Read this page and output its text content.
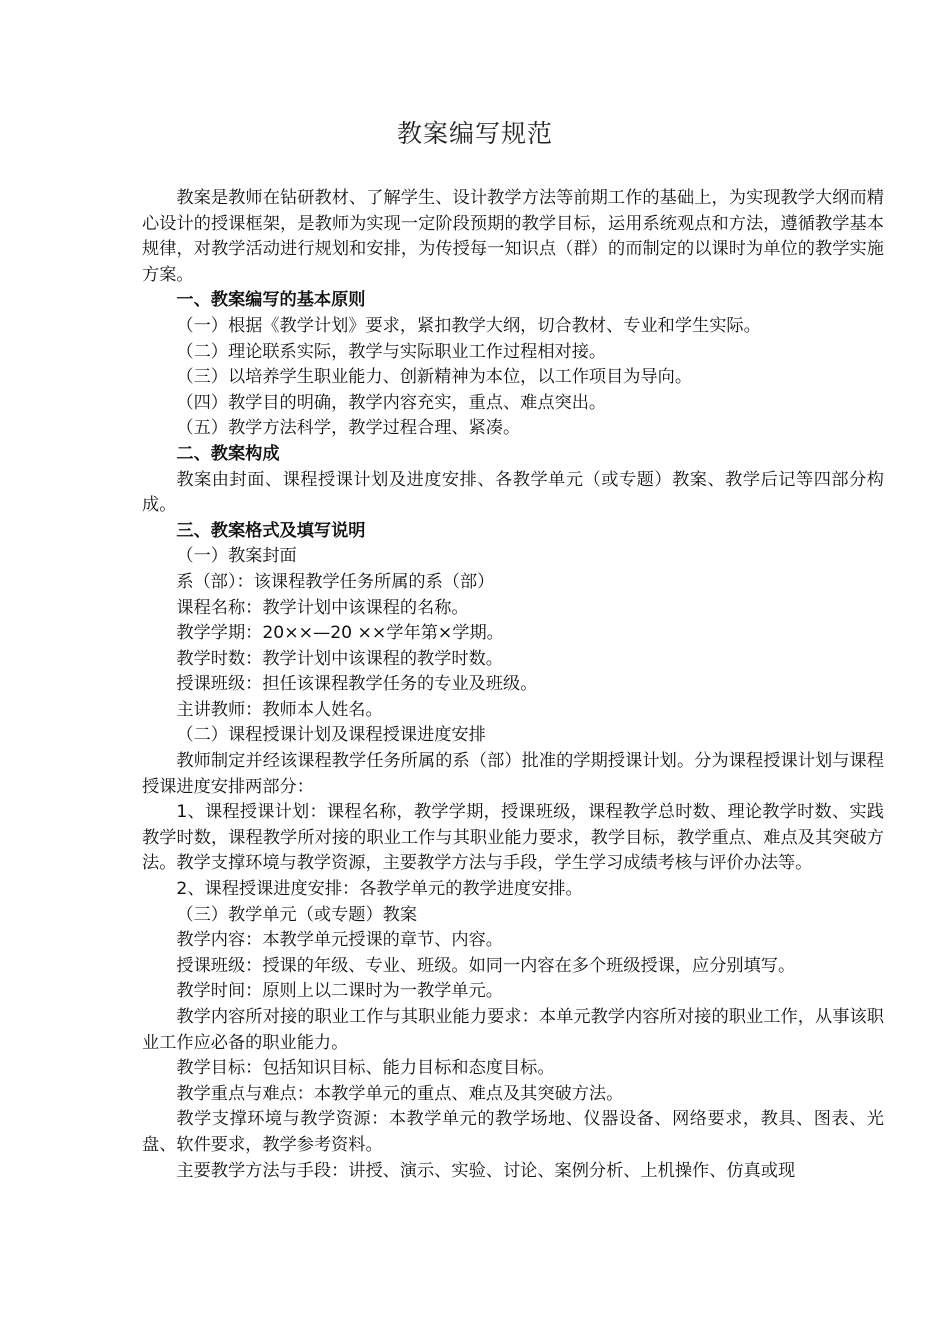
教案编写规范

教案是教师在钻研教材、了解学生、设计教学方法等前期工作的基础上，为实现教学大纲而精心设计的授课框架，是教师为实现一定阶段预期的教学目标，运用系统观点和方法，遵循教学基本规律，对教学活动进行规划和安排，为传授每一知识点（群）的而制定的以课时为单位的教学实施方案。

一、教案编写的基本原则

（一）根据《教学计划》要求，紧扣教学大纲，切合教材、专业和学生实际。

（二）理论联系实际，教学与实际职业工作过程相对接。

（三）以培养学生职业能力、创新精神为本位，以工作项目为导向。

（四）教学目的明确，教学内容充实，重点、难点突出。

（五）教学方法科学，教学过程合理、紧凑。

二、教案构成

教案由封面、课程授课计划及进度安排、各教学单元（或专题）教案、教学后记等四部分构成。

三、教案格式及填写说明

（一）教案封面

系（部）：该课程教学任务所属的系（部）

课程名称：教学计划中该课程的名称。

教学学期：20××—20 ××学年第×学期。

教学时数：教学计划中该课程的教学时数。

授课班级：担任该课程教学任务的专业及班级。

主讲教师：教师本人姓名。

（二）课程授课计划及课程授课进度安排

教师制定并经该课程教学任务所属的系（部）批准的学期授课计划。分为课程授课计划与课程授课进度安排两部分：

1、课程授课计划：课程名称，教学学期，授课班级，课程教学总时数、理论教学时数、实践教学时数，课程教学所对接的职业工作与其职业能力要求，教学目标，教学重点、难点及其突破方法。教学支撑环境与教学资源，主要教学方法与手段，学生学习成绩考核与评价办法等。

2、课程授课进度安排：各教学单元的教学进度安排。

（三）教学单元（或专题）教案

教学内容：本教学单元授课的章节、内容。

授课班级：授课的年级、专业、班级。如同一内容在多个班级授课，应分别填写。

教学时间：原则上以二课时为一教学单元。

教学内容所对接的职业工作与其职业能力要求：本单元教学内容所对接的职业工作，从事该职业工作应必备的职业能力。

教学目标：包括知识目标、能力目标和态度目标。

教学重点与难点：本教学单元的重点、难点及其突破方法。

教学支撑环境与教学资源：本教学单元的教学场地、仪器设备、网络要求，教具、图表、光盘、软件要求，教学参考资料。

主要教学方法与手段：讲授、演示、实验、讨论、案例分析、上机操作、仿真或现
